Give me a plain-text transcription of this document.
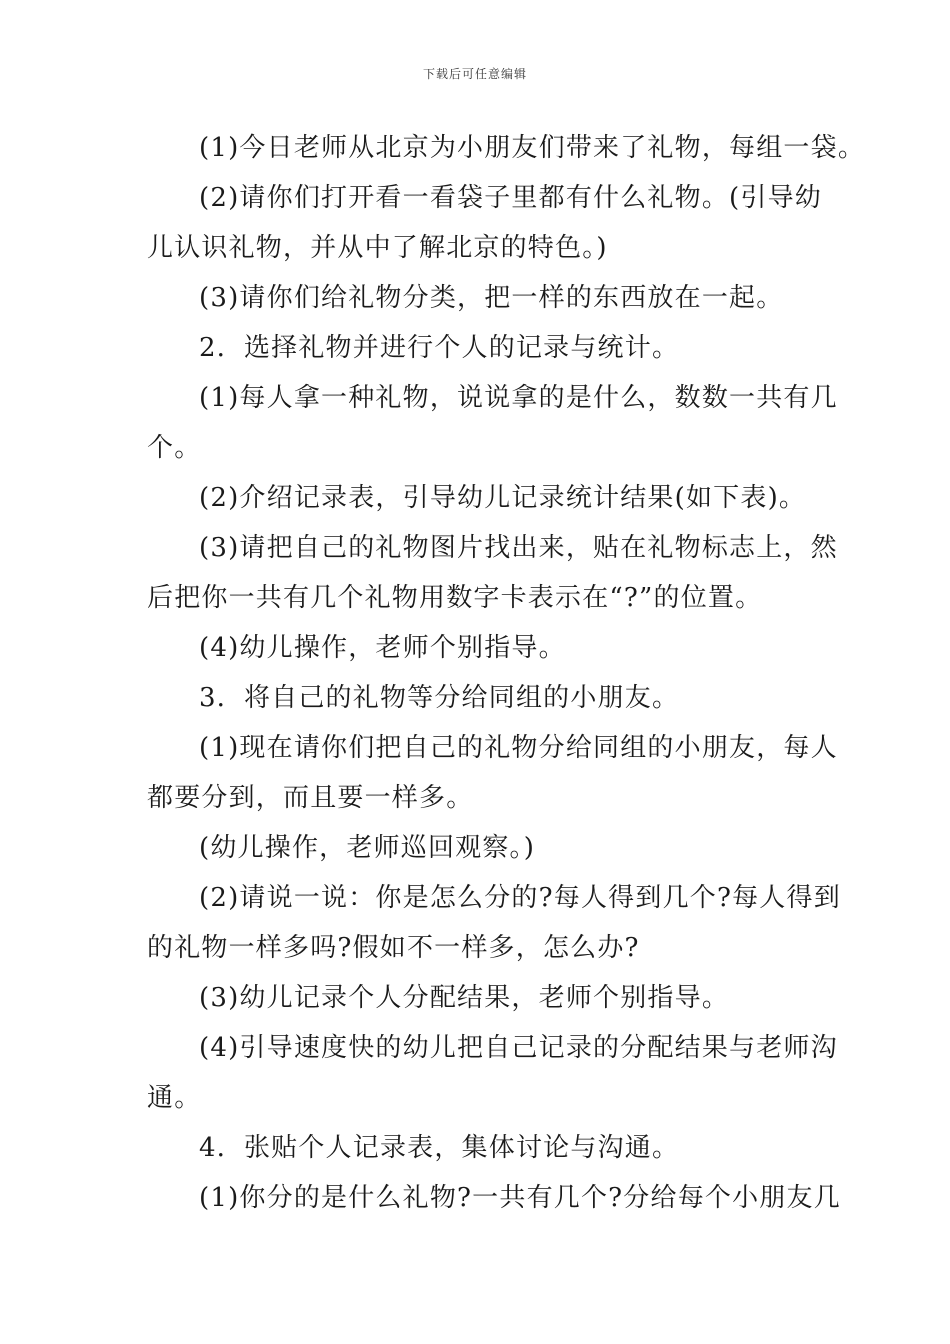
下载后可任意编辑
(1)今日老师从北京为小朋友们带来了礼物，每组一袋。
(2)请你们打开看一看袋子里都有什么礼物。(引导幼
儿认识礼物，并从中了解北京的特色。)
(3)请你们给礼物分类，把一样的东西放在一起。
2．选择礼物并进行个人的记录与统计。
(1)每人拿一种礼物，说说拿的是什么，数数一共有几
个。
(2)介绍记录表，引导幼儿记录统计结果(如下表)。
(3)请把自己的礼物图片找出来，贴在礼物标志上，然
后把你一共有几个礼物用数字卡表示在“?”的位置。
(4)幼儿操作，老师个别指导。
3．将自己的礼物等分给同组的小朋友。
(1)现在请你们把自己的礼物分给同组的小朋友，每人
都要分到，而且要一样多。
(幼儿操作，老师巡回观察。)
(2)请说一说：你是怎么分的?每人得到几个?每人得到
的礼物一样多吗?假如不一样多，怎么办?
(3)幼儿记录个人分配结果，老师个别指导。
(4)引导速度快的幼儿把自己记录的分配结果与老师沟
通。
4．张贴个人记录表，集体讨论与沟通。
(1)你分的是什么礼物?一共有几个?分给每个小朋友几
